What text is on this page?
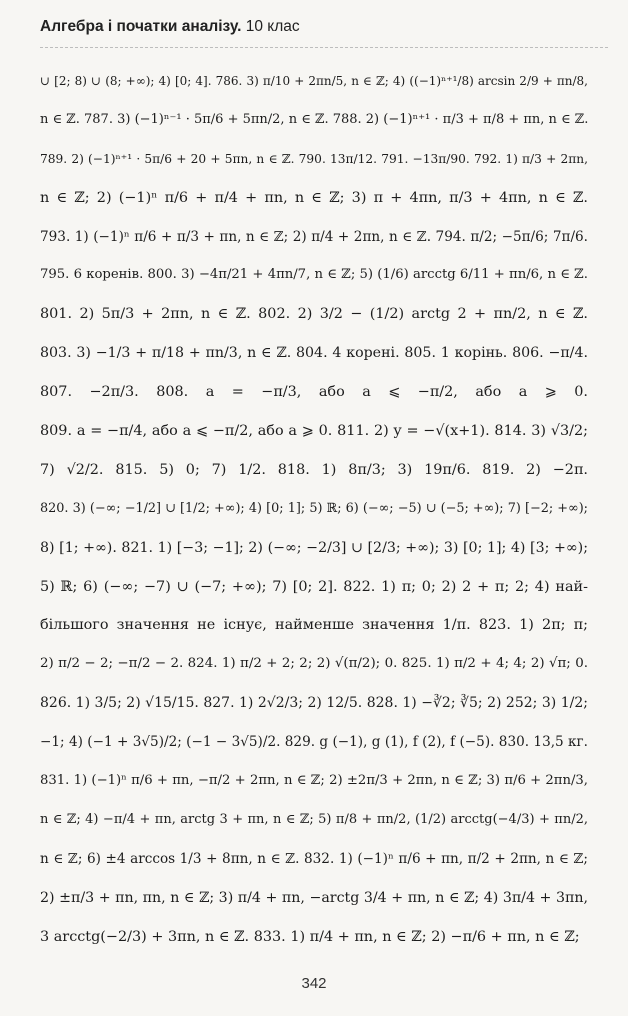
Алгебра і початки аналізу. 10 клас
∪ [2; 8) ∪ (8; +∞); 4) [0; 4]. 786. 3) π/10 + 2πn/5, n ∈ ℤ; 4) ((−1)ⁿ⁺¹/8) arcsin 2/9 + πn/8,
n ∈ ℤ. 787. 3) (−1)ⁿ⁻¹ · 5π/6 + 5πn/2, n ∈ ℤ. 788. 2) (−1)ⁿ⁺¹ · π/3 + π/8 + πn, n ∈ ℤ.
789. 2) (−1)ⁿ⁺¹ · 5π/6 + 20 + 5πn, n ∈ ℤ. 790. 13π/12. 791. −13π/90. 792. 1) π/3 + 2πn,
n ∈ ℤ; 2) (−1)ⁿ π/6 + π/4 + πn, n ∈ ℤ; 3) π + 4πn, π/3 + 4πn, n ∈ ℤ.
793. 1) (−1)ⁿ π/6 + π/3 + πn, n ∈ ℤ; 2) π/4 + 2πn, n ∈ ℤ. 794. π/2; −5π/6; 7π/6.
795. 6 коренів. 800. 3) −4π/21 + 4πn/7, n ∈ ℤ; 5) (1/6) arcctg 6/11 + πn/6, n ∈ ℤ.
801. 2) 5π/3 + 2πn, n ∈ ℤ. 802. 2) 3/2 − (1/2) arctg 2 + πn/2, n ∈ ℤ.
803. 3) −1/3 + π/18 + πn/3, n ∈ ℤ. 804. 4 корені. 805. 1 корінь. 806. −π/4.
807. −2π/3. 808. a = −π/3, або a ⩽ −π/2, або a ⩾ 0.
809. a = −π/4, або a ⩽ −π/2, або a ⩾ 0. 811. 2) y = −√(x+1). 814. 3) √3/2;
7) √2/2. 815. 5) 0; 7) 1/2. 818. 1) 8π/3; 3) 19π/6. 819. 2) −2π.
820. 3) (−∞; −1/2] ∪ [1/2; +∞); 4) [0; 1]; 5) ℝ; 6) (−∞; −5) ∪ (−5; +∞); 7) [−2; +∞);
8) [1; +∞). 821. 1) [−3; −1]; 2) (−∞; −2/3] ∪ [2/3; +∞); 3) [0; 1]; 4) [3; +∞);
5) ℝ; 6) (−∞; −7) ∪ (−7; +∞); 7) [0; 2]. 822. 1) π; 0; 2) 2 + π; 2; 4) най-
більшого значення не існує, найменше значення 1/π. 823. 1) 2π; π;
2) π/2 − 2; −π/2 − 2. 824. 1) π/2 + 2; 2; 2) √(π/2); 0. 825. 1) π/2 + 4; 4; 2) √π; 0.
826. 1) 3/5; 2) √15/15. 827. 1) 2√2/3; 2) 12/5. 828. 1) −∛2; ∛5; 2) 252; 3) 1/2;
−1; 4) (−1 + 3√5)/2; (−1 − 3√5)/2. 829. g (−1), g (1), f (2), f (−5). 830. 13,5 кг.
831. 1) (−1)ⁿ π/6 + πn, −π/2 + 2πn, n ∈ ℤ; 2) ±2π/3 + 2πn, n ∈ ℤ; 3) π/6 + 2πn/3,
n ∈ ℤ; 4) −π/4 + πn, arctg 3 + πn, n ∈ ℤ; 5) π/8 + πn/2, (1/2) arcctg(−4/3) + πn/2,
n ∈ ℤ; 6) ±4 arccos 1/3 + 8πn, n ∈ ℤ. 832. 1) (−1)ⁿ π/6 + πn, π/2 + 2πn, n ∈ ℤ;
2) ±π/3 + πn, πn, n ∈ ℤ; 3) π/4 + πn, −arctg 3/4 + πn, n ∈ ℤ; 4) 3π/4 + 3πn,
3 arcctg(−2/3) + 3πn, n ∈ ℤ. 833. 1) π/4 + πn, n ∈ ℤ; 2) −π/6 + πn, n ∈ ℤ;
342
